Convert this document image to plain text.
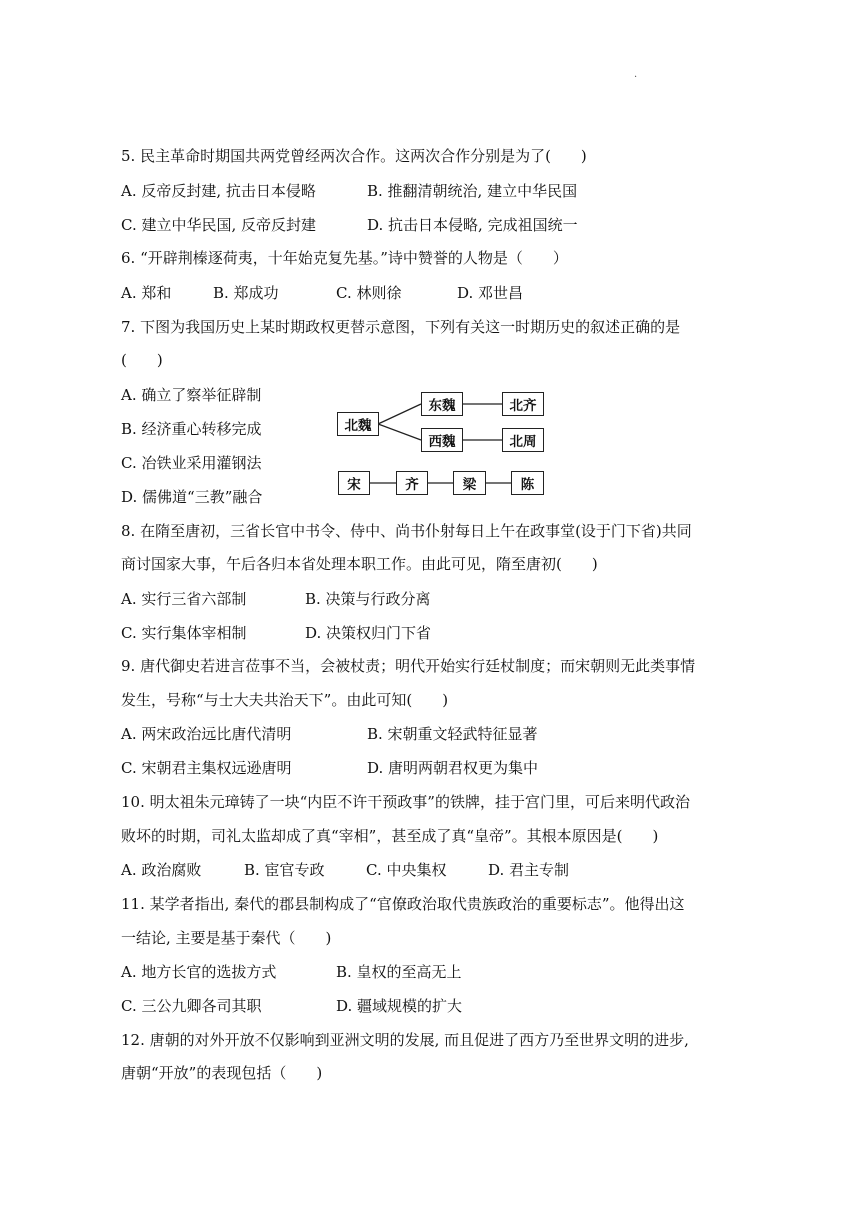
·
5. 民主革命时期国共两党曾经两次合作。这两次合作分别是为了(　　)
A. 反帝反封建, 抗击日本侵略	B. 推翻清朝统治, 建立中华民国
C. 建立中华民国, 反帝反封建	D. 抗击日本侵略, 完成祖国统一
6. “开辟荆榛逐荷夷，十年始克复先基。”诗中赞誉的人物是（　　）
A. 郑和	B. 郑成功	C. 林则徐	D. 邓世昌
7. 下图为我国历史上某时期政权更替示意图，下列有关这一时期历史的叙述正确的是
(　　)
A. 确立了察举征辟制
B. 经济重心转移完成
C. 冶铁业采用灌钢法
D. 儒佛道“三教”融合
北魏
东魏	北齐
西魏	北周
宋	齐	梁	陈
8. 在隋至唐初，三省长官中书令、侍中、尚书仆射每日上午在政事堂(设于门下省)共同
商讨国家大事，午后各归本省处理本职工作。由此可见，隋至唐初(　　)
A. 实行三省六部制	B. 决策与行政分离
C. 实行集体宰相制	D. 决策权归门下省
9. 唐代御史若进言莅事不当，会被杖责；明代开始实行廷杖制度；而宋朝则无此类事情
发生，号称“与士大夫共治天下”。由此可知(　　)
A. 两宋政治远比唐代清明	B. 宋朝重文轻武特征显著
C. 宋朝君主集权远逊唐明	D. 唐明两朝君权更为集中
10. 明太祖朱元璋铸了一块“内臣不许干预政事”的铁牌，挂于宫门里，可后来明代政治
败坏的时期，司礼太监却成了真“宰相”，甚至成了真“皇帝”。其根本原因是(　　)
A. 政治腐败	B. 宦官专政	C. 中央集权	D. 君主专制
11. 某学者指出, 秦代的郡县制构成了“官僚政治取代贵族政治的重要标志”。他得出这
一结论, 主要是基于秦代（　　)
A. 地方长官的选拔方式	B. 皇权的至高无上
C. 三公九卿各司其职	D. 疆域规模的扩大
12. 唐朝的对外开放不仅影响到亚洲文明的发展, 而且促进了西方乃至世界文明的进步,
唐朝“开放”的表现包括（　　)
